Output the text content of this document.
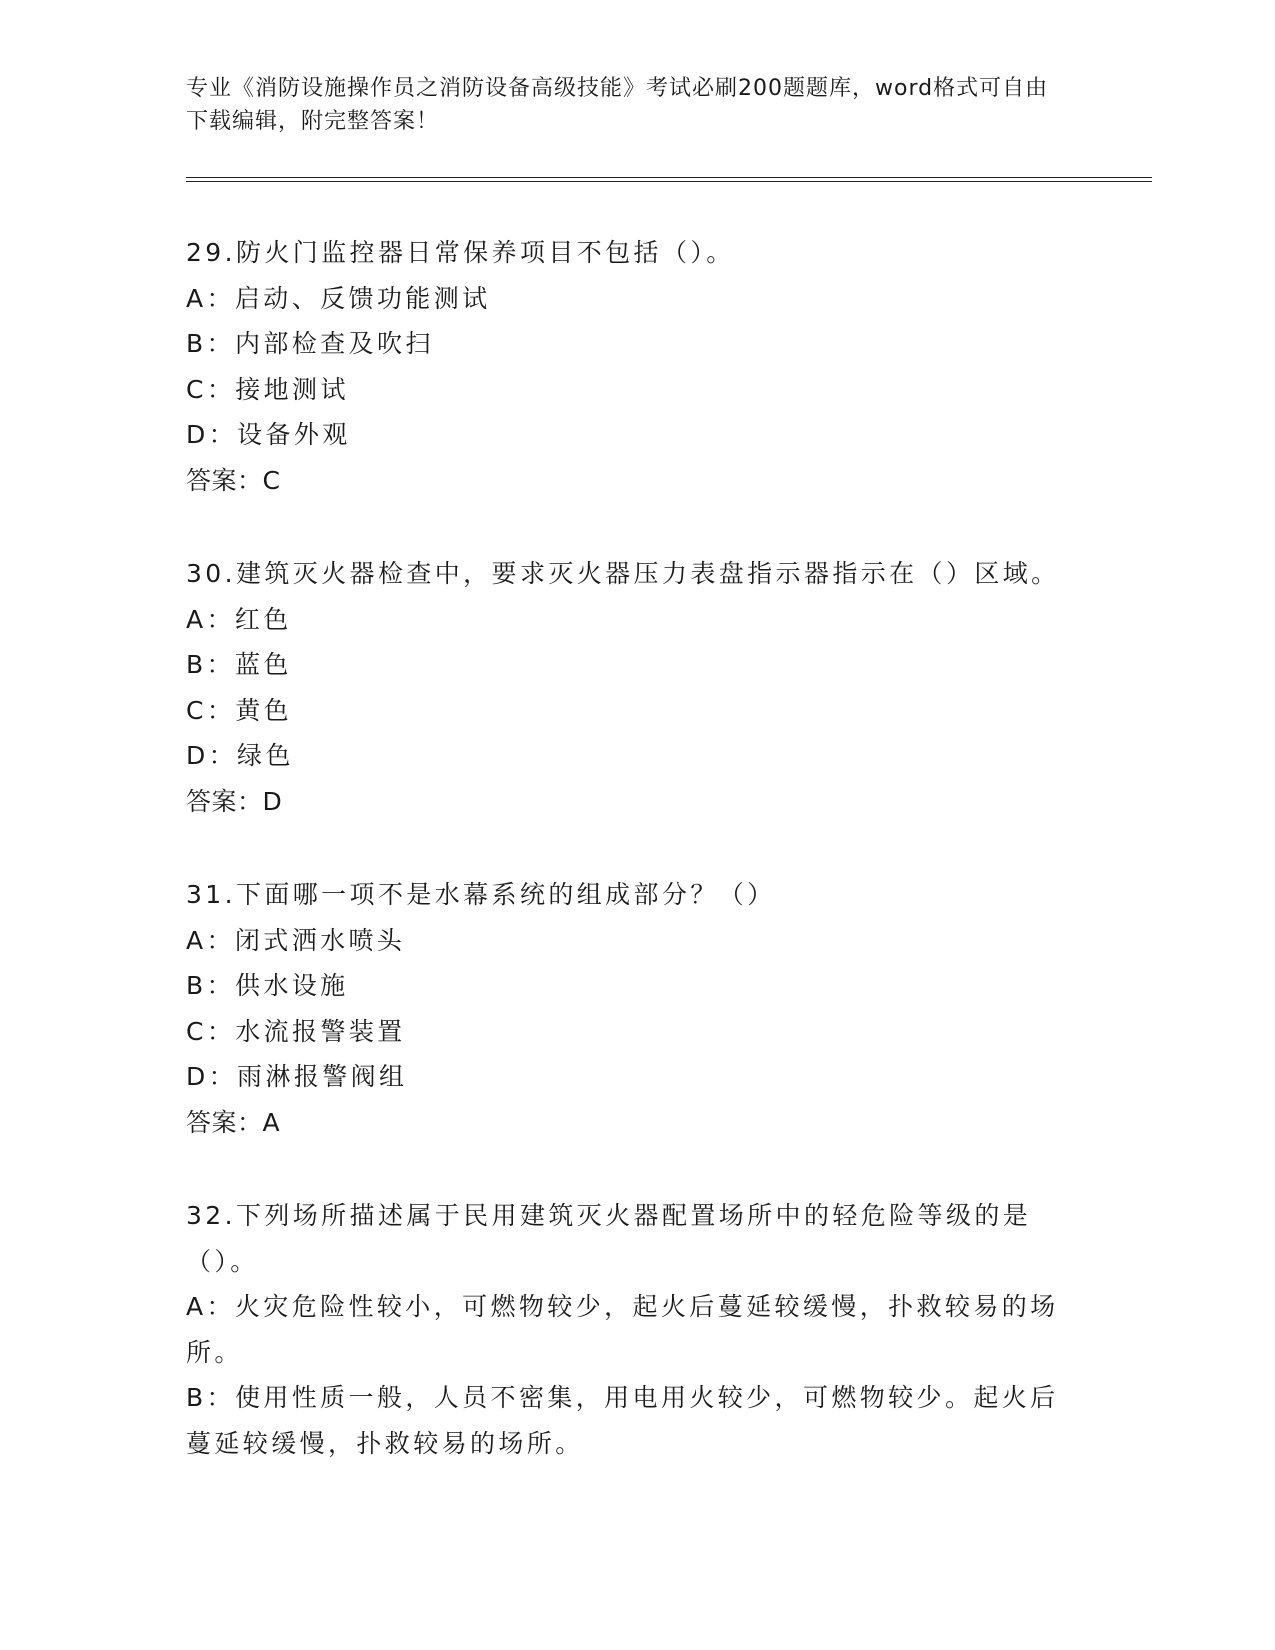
专业《消防设施操作员之消防设备高级技能》考试必刷200题题库，word格式可自由下载编辑，附完整答案！
29.防火门监控器日常保养项目不包括（）。
A：启动、反馈功能测试
B：内部检查及吹扫
C：接地测试
D：设备外观
答案：C
30.建筑灭火器检查中，要求灭火器压力表盘指示器指示在（）区域。
A：红色
B：蓝色
C：黄色
D：绿色
答案：D
31.下面哪一项不是水幕系统的组成部分？（）
A：闭式洒水喷头
B：供水设施
C：水流报警装置
D：雨淋报警阀组
答案：A
32.下列场所描述属于民用建筑灭火器配置场所中的轻危险等级的是（）。
A：火灾危险性较小，可燃物较少，起火后蔓延较缓慢，扑救较易的场所。
B：使用性质一般，人员不密集，用电用火较少，可燃物较少。起火后蔓延较缓慢，扑救较易的场所。
